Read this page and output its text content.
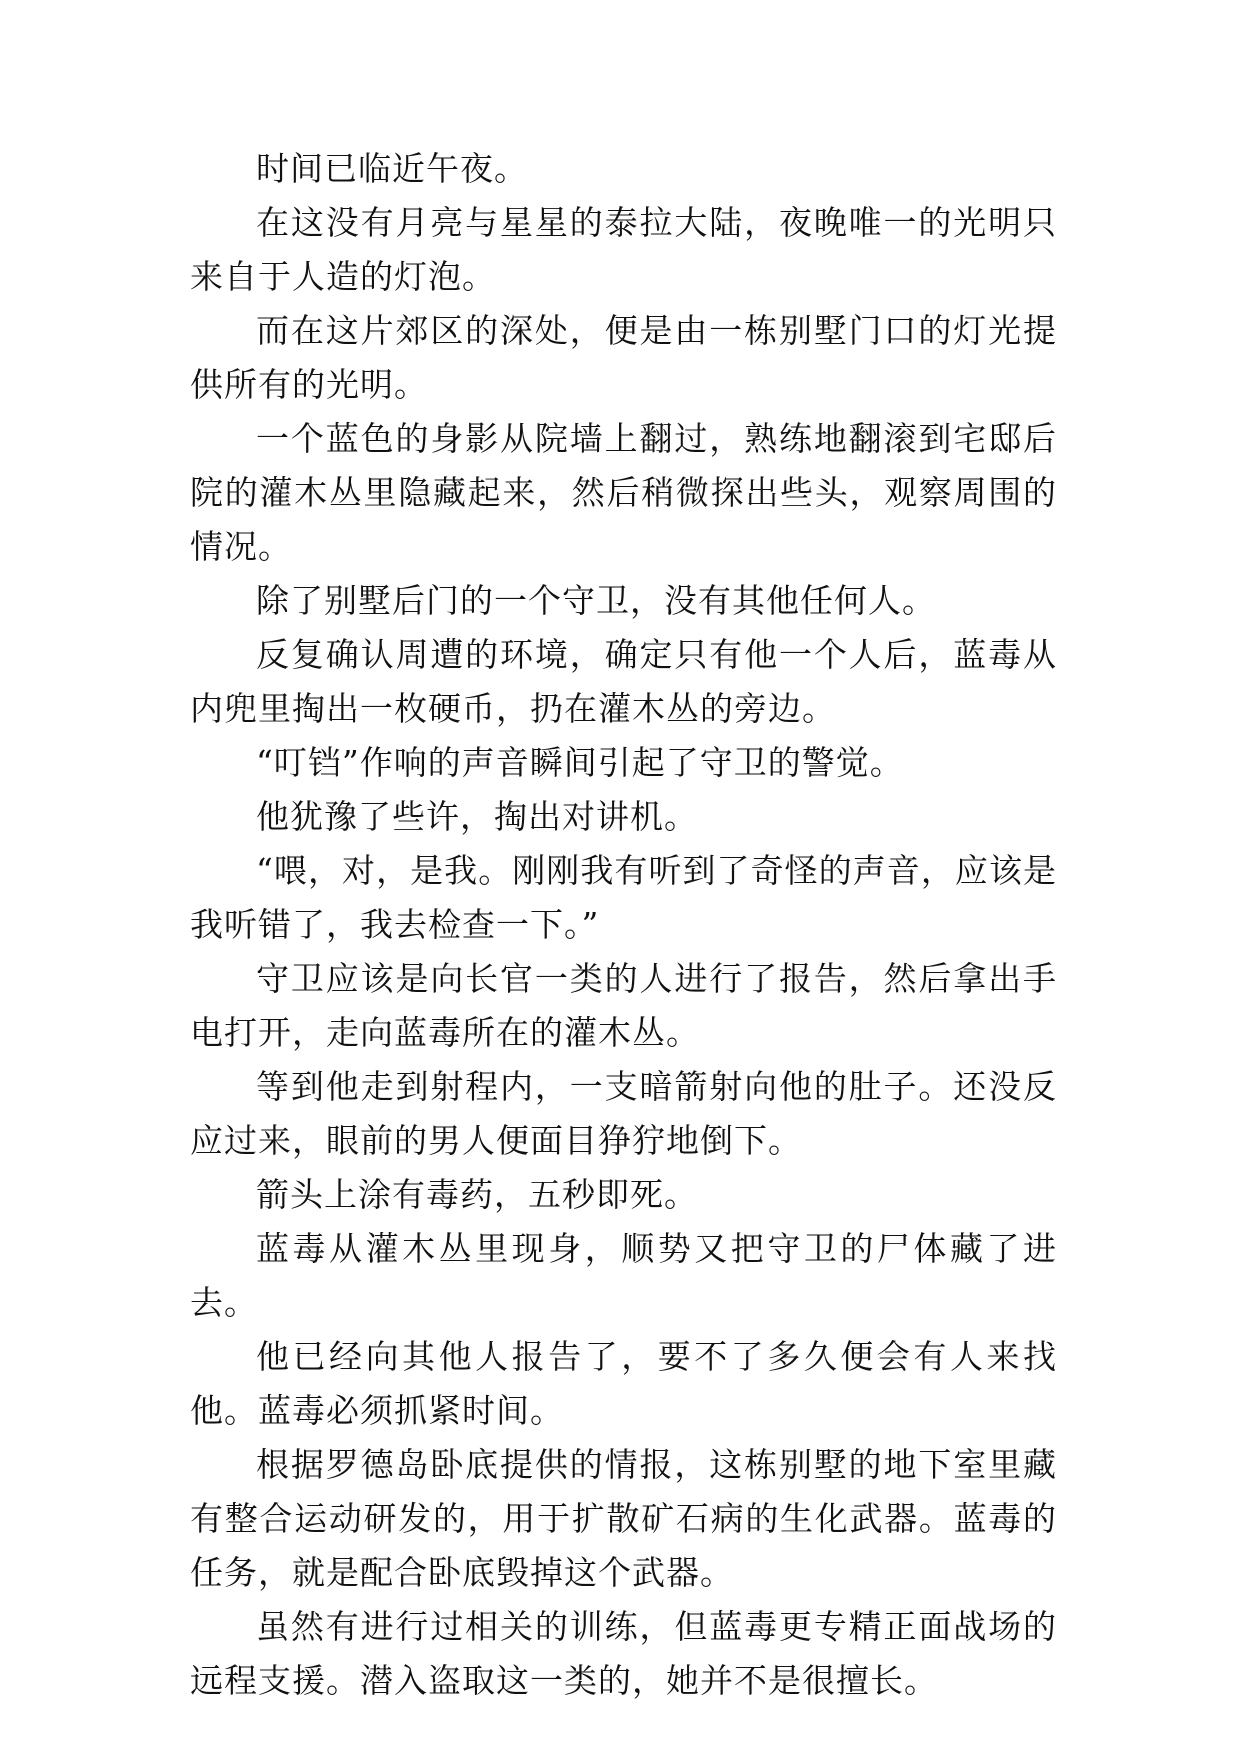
时间已临近午夜。

在这没有月亮与星星的泰拉大陆，夜晚唯一的光明只来自于人造的灯泡。

而在这片郊区的深处，便是由一栋别墅门口的灯光提供所有的光明。

一个蓝色的身影从院墙上翻过，熟练地翻滚到宅邸后院的灌木丛里隐藏起来，然后稍微探出些头，观察周围的情况。

除了别墅后门的一个守卫，没有其他任何人。

反复确认周遭的环境，确定只有他一个人后，蓝毒从内兜里掏出一枚硬币，扔在灌木丛的旁边。

“叮铛”作响的声音瞬间引起了守卫的警觉。

他犹豫了些许，掏出对讲机。

“喂，对，是我。刚刚我有听到了奇怪的声音，应该是我听错了，我去检查一下。”

守卫应该是向长官一类的人进行了报告，然后拿出手电打开，走向蓝毒所在的灌木丛。

等到他走到射程内，一支暗箭射向他的肚子。还没反应过来，眼前的男人便面目狰狞地倒下。

箭头上涂有毒药，五秒即死。

蓝毒从灌木丛里现身，顺势又把守卫的尸体藏了进去。

他已经向其他人报告了，要不了多久便会有人来找他。蓝毒必须抓紧时间。

根据罗德岛卧底提供的情报，这栋别墅的地下室里藏有整合运动研发的，用于扩散矿石病的生化武器。蓝毒的任务，就是配合卧底毁掉这个武器。

虽然有进行过相关的训练，但蓝毒更专精正面战场的远程支援。潜入盗取这一类的，她并不是很擅长。
